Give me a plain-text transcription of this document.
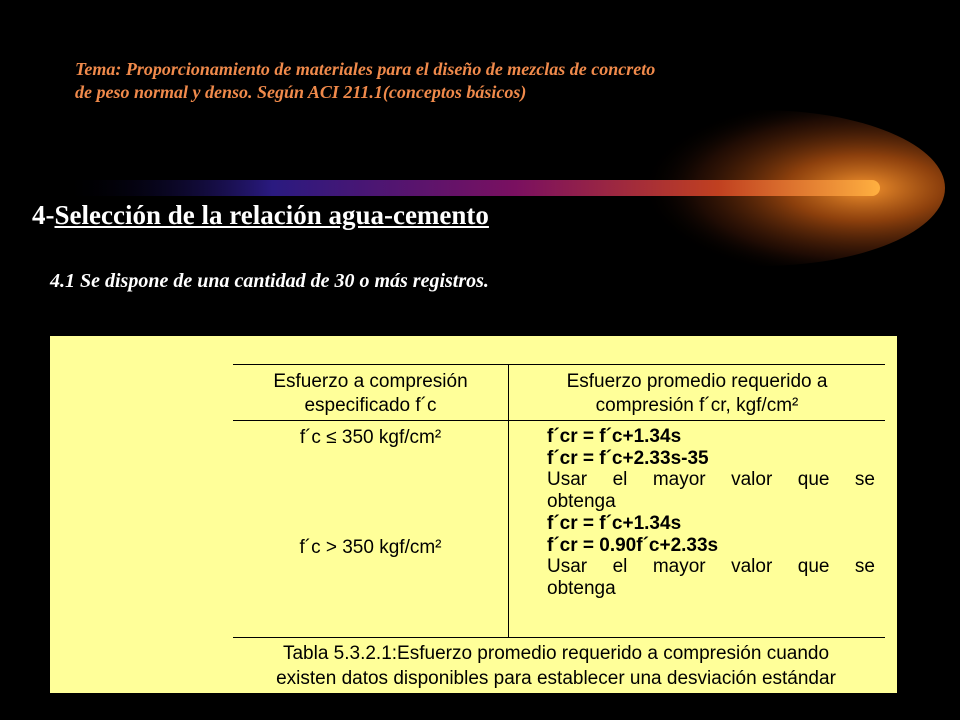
Tema: Proporcionamiento de materiales para el diseño de mezclas de concreto
de peso normal y denso. Según ACI 211.1(conceptos básicos)
4-Selección de la relación agua-cemento
4.1 Se dispone de una cantidad de 30 o más registros.
Esfuerzo a compresión
especificado f´c
Esfuerzo promedio requerido a
compresión f´cr, kgf/cm²
f´c ≤ 350 kgf/cm²
f´c > 350 kgf/cm²
f´cr = f´c+1.34s
f´cr = f´c+2.33s-35
Usar el mayor valor que se
obtenga
f´cr = f´c+1.34s
f´cr = 0.90f´c+2.33s
Usar el mayor valor que se
obtenga
Tabla 5.3.2.1:Esfuerzo promedio requerido a compresión cuando
existen datos disponibles para establecer una desviación estándar
